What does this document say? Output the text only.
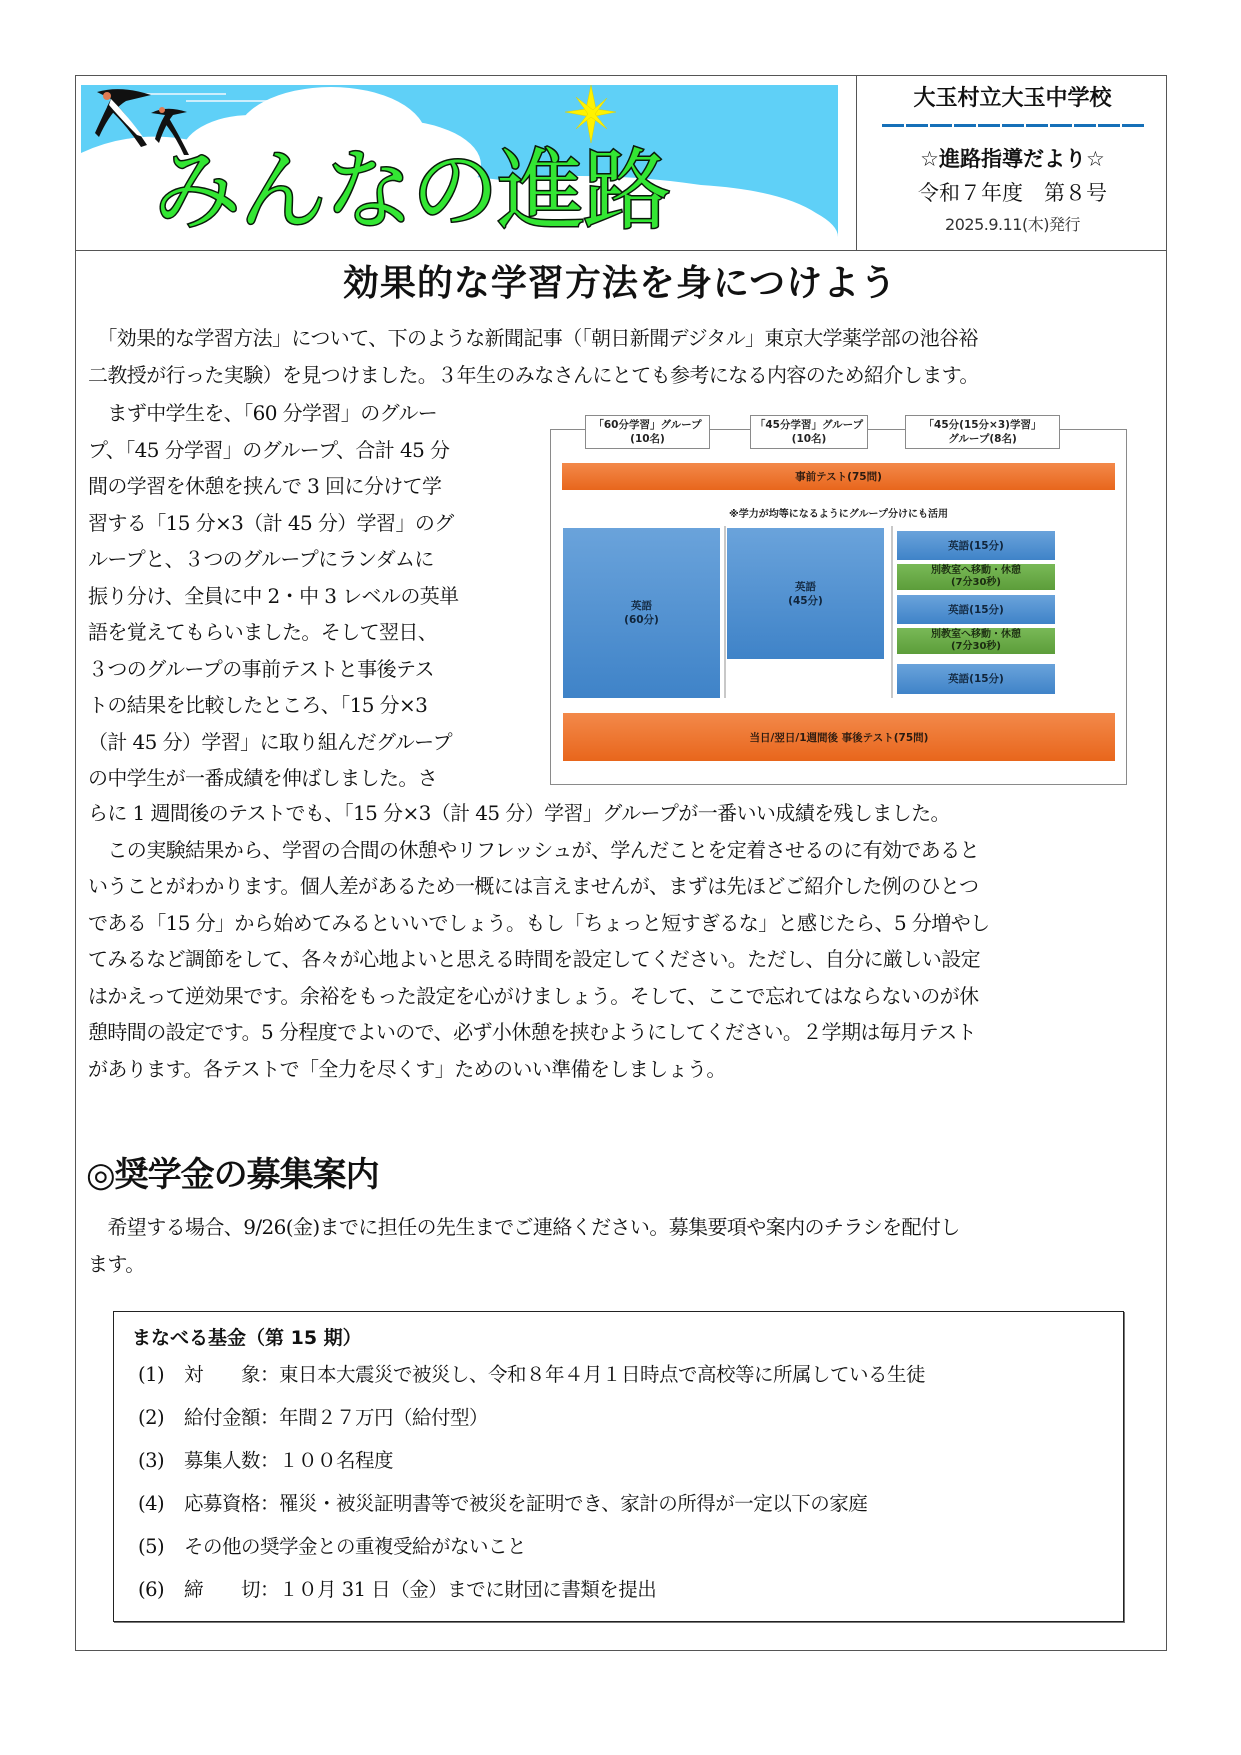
みんなの進路
大玉村立大玉中学校
☆進路指導だより☆
令和７年度　第８号
2025.9.11(木)発行
効果的な学習方法を身につけよう
　「効果的な学習方法」について、下のような新聞記事（「朝日新聞デジタル」東京大学薬学部の池谷裕
二教授が行った実験）を見つけました。３年生のみなさんにとても参考になる内容のため紹介します。
　まず中学生を、「60 分学習」のグルー
プ、「45 分学習」のグループ、合計 45 分
間の学習を休憩を挟んで 3 回に分けて学
習する「15 分×3（計 45 分）学習」のグ
ループと、３つのグループにランダムに
振り分け、全員に中 2・中 3 レベルの英単
語を覚えてもらいました。そして翌日、
３つのグループの事前テストと事後テス
トの結果を比較したところ、「15 分×3
（計 45 分）学習」に取り組んだグループ
の中学生が一番成績を伸ばしました。さ
「60分学習」グループ
(10名)
「45分学習」グループ
(10名)
「45分(15分×3)学習」
グループ(8名)
事前テスト(75問)
※学力が均等になるようにグループ分けにも活用
英語
(60分)
英語
(45分)
英語(15分)
別教室へ移動・休憩
(7分30秒)
英語(15分)
別教室へ移動・休憩
(7分30秒)
英語(15分)
当日/翌日/1週間後 事後テスト(75問)
らに 1 週間後のテストでも、「15 分×3（計 45 分）学習」グループが一番いい成績を残しました。
　この実験結果から、学習の合間の休憩やリフレッシュが、学んだことを定着させるのに有効であると
いうことがわかります。個人差があるため一概には言えませんが、まずは先ほどご紹介した例のひとつ
である「15 分」から始めてみるといいでしょう。もし「ちょっと短すぎるな」と感じたら、5 分増やし
てみるなど調節をして、各々が心地よいと思える時間を設定してください。ただし、自分に厳しい設定
はかえって逆効果です。余裕をもった設定を心がけましょう。そして、ここで忘れてはならないのが休
憩時間の設定です。5 分程度でよいので、必ず小休憩を挟むようにしてください。２学期は毎月テスト
があります。各テストで「全力を尽くす」ためのいい準備をしましょう。
◎奨学金の募集案内
　希望する場合、9/26(金)までに担任の先生までご連絡ください。募集要項や案内のチラシを配付し
ます。
まなべる基金（第 15 期）
(1) 対　　象：東日本大震災で被災し、令和８年４月１日時点で高校等に所属している生徒
(2) 給付金額：年間２７万円（給付型）
(3) 募集人数：１００名程度
(4) 応募資格：罹災・被災証明書等で被災を証明でき、家計の所得が一定以下の家庭
(5) その他の奨学金との重複受給がないこと
(6) 締　　切：１０月 31 日（金）までに財団に書類を提出
